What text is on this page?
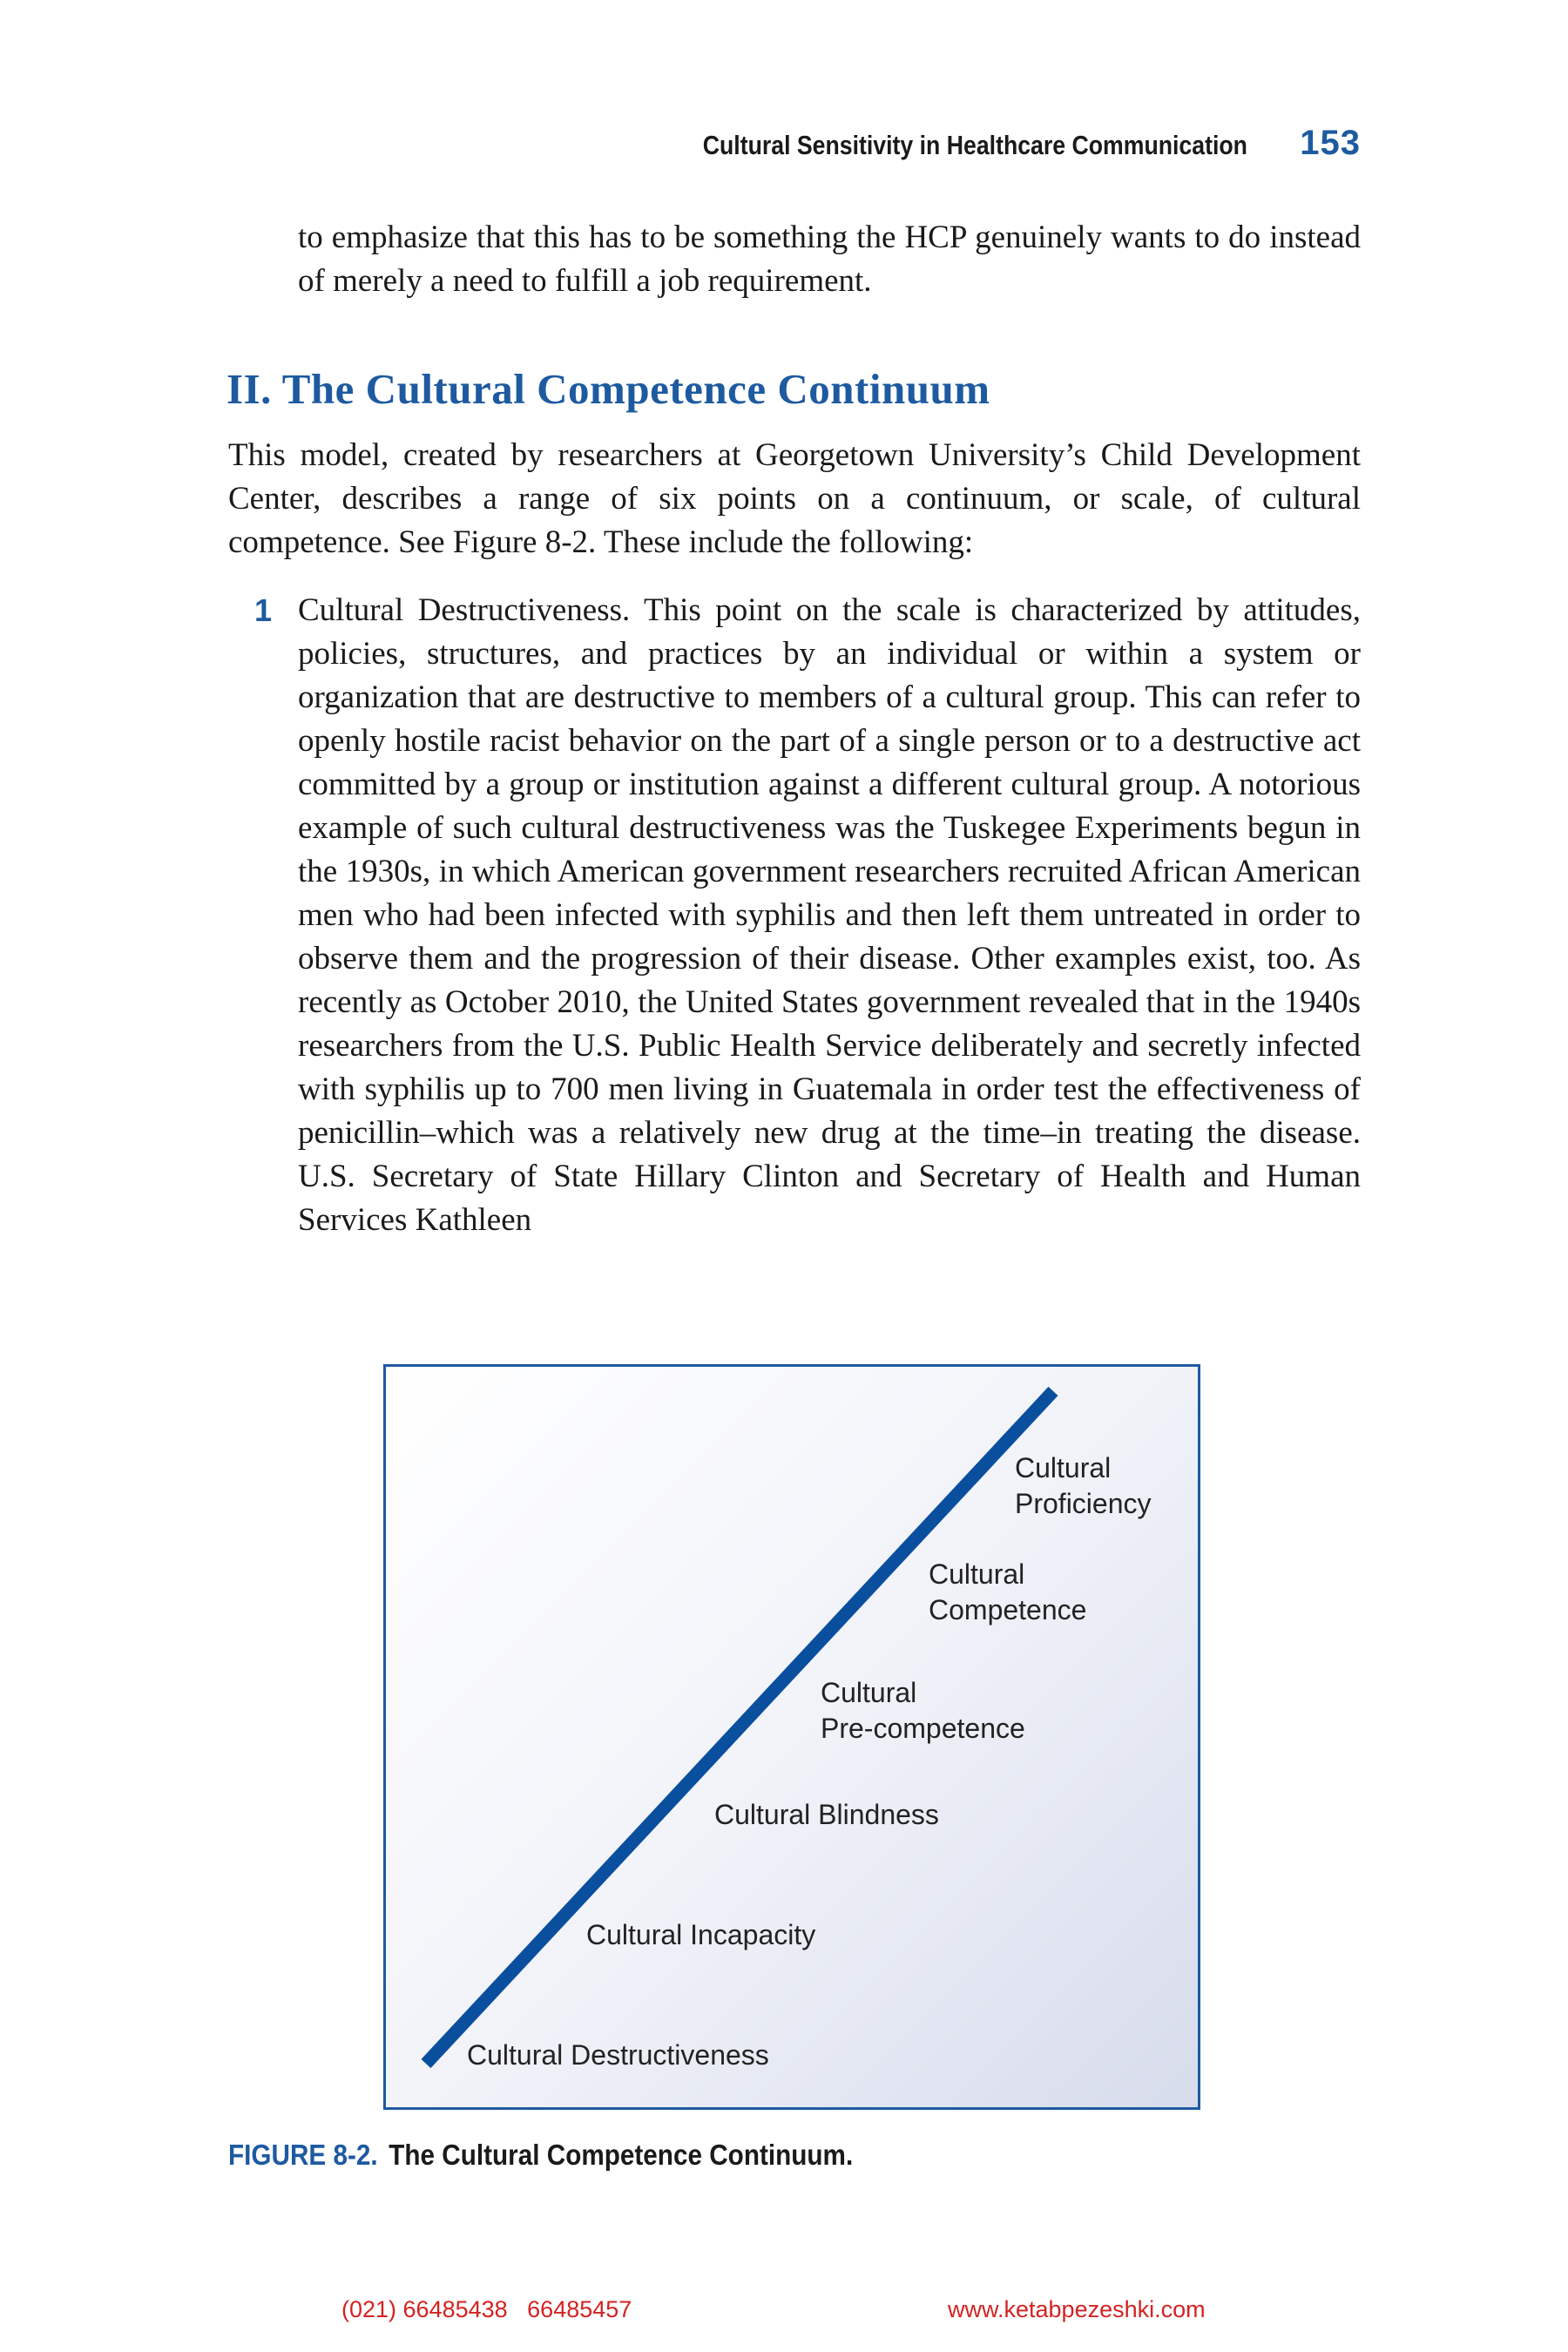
Cultural Sensitivity in Healthcare Communication 153

to emphasize that this has to be something the HCP genuinely wants to do instead of merely a need to fulfill a job requirement.

II. The Cultural Competence Continuum

This model, created by researchers at Georgetown University’s Child Development Center, describes a range of six points on a continuum, or scale, of cultural competence. See Figure 8-2. These include the following:

1 Cultural Destructiveness. This point on the scale is characterized by attitudes, policies, structures, and practices by an individual or within a system or organization that are destructive to members of a cultural group. This can refer to openly hostile racist behavior on the part of a single person or to a destructive act committed by a group or institution against a different cultural group. A notorious example of such cultural destructiveness was the Tuskegee Experiments begun in the 1930s, in which American government researchers recruited African American men who had been infected with syphilis and then left them untreated in order to observe them and the progression of their disease. Other examples exist, too. As recently as October 2010, the United States government revealed that in the 1940s researchers from the U.S. Public Health Service deliberately and secretly infected with syphilis up to 700 men living in Guatemala in order test the effectiveness of penicillin–which was a relatively new drug at the time–in treating the disease. U.S. Secretary of State Hillary Clinton and Secretary of Health and Human Services Kathleen

Cultural Destructiveness
Cultural Incapacity
Cultural Blindness
Cultural
Pre-competence
Cultural
Competence
Cultural
Proficiency

FIGURE 8-2. The Cultural Competence Continuum.

(021) 66485438   66485457	www.ketabpezeshki.com
